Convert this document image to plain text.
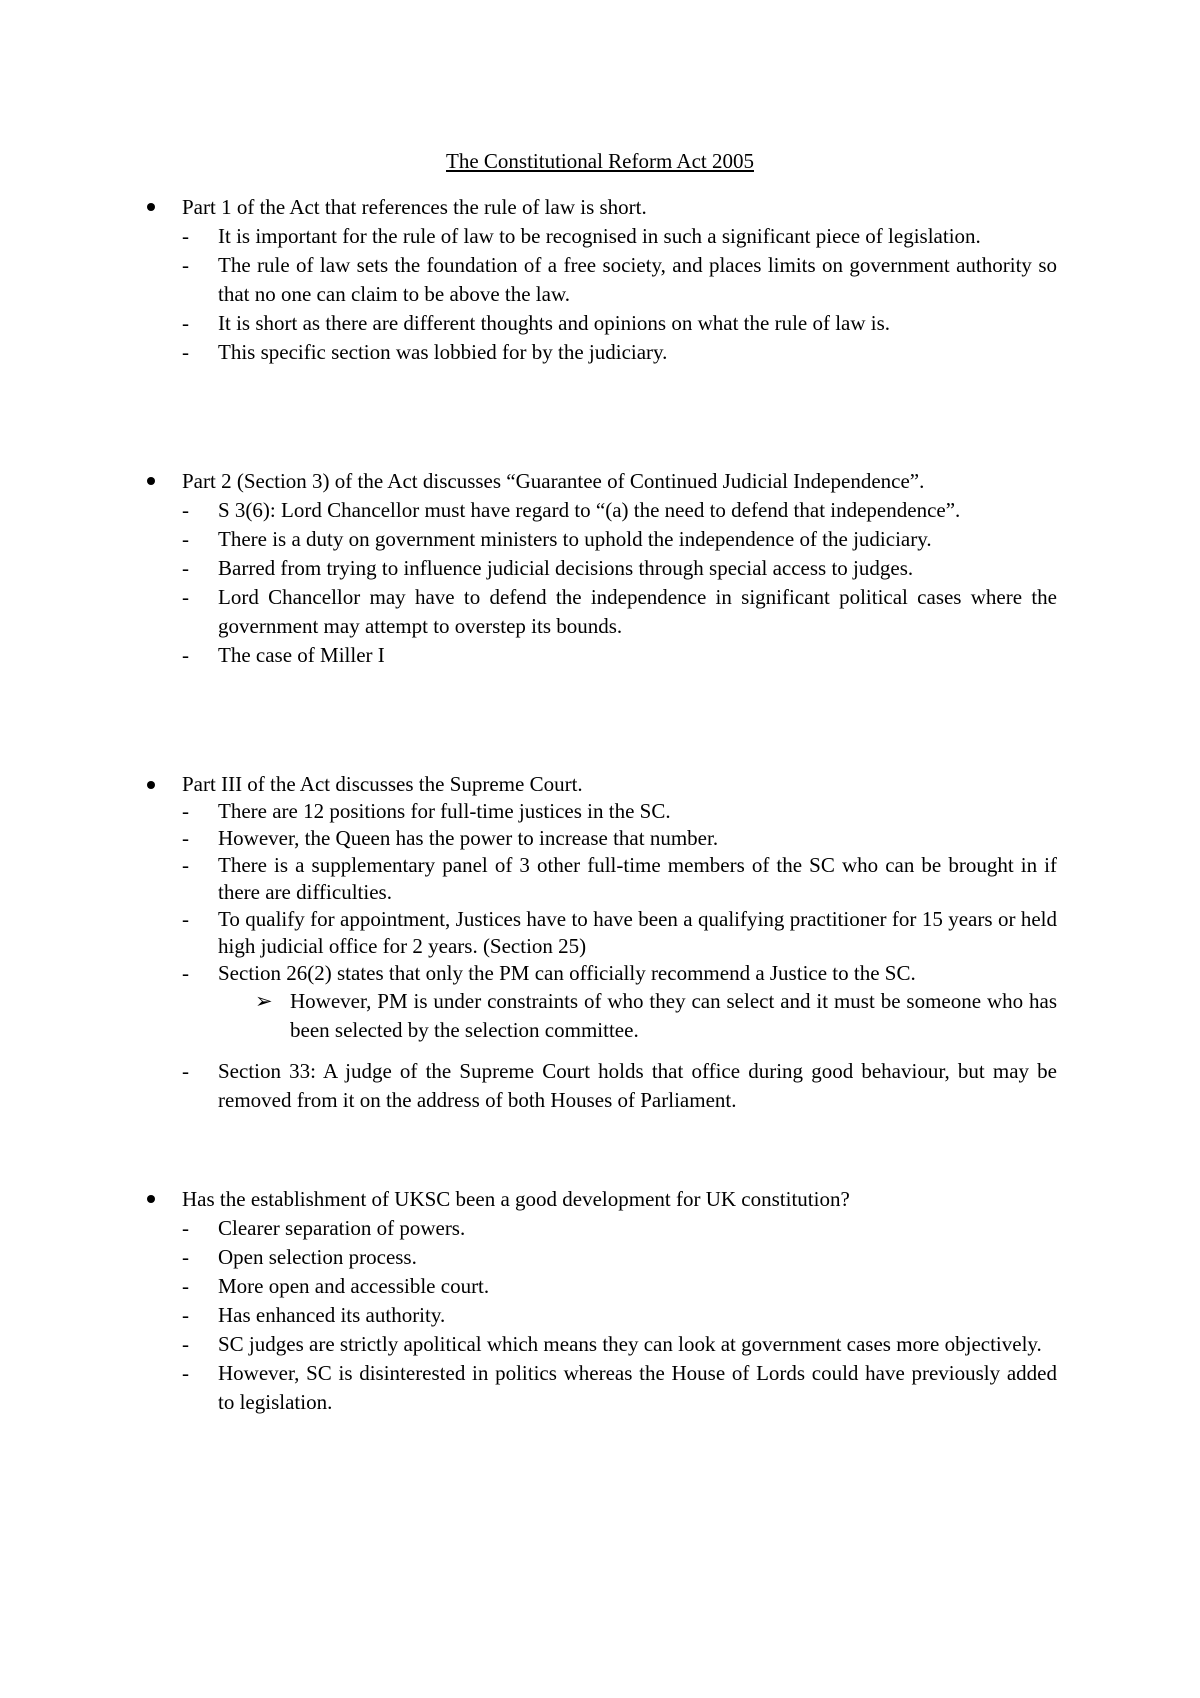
The Constitutional Reform Act 2005
Part 1 of the Act that references the rule of law is short.
- It is important for the rule of law to be recognised in such a significant piece of legislation.
- The rule of law sets the foundation of a free society, and places limits on government authority so that no one can claim to be above the law.
- It is short as there are different thoughts and opinions on what the rule of law is.
- This specific section was lobbied for by the judiciary.
Part 2 (Section 3) of the Act discusses “Guarantee of Continued Judicial Independence”.
- S 3(6): Lord Chancellor must have regard to “(a) the need to defend that independence”.
- There is a duty on government ministers to uphold the independence of the judiciary.
- Barred from trying to influence judicial decisions through special access to judges.
- Lord Chancellor may have to defend the independence in significant political cases where the government may attempt to overstep its bounds.
- The case of Miller I
Part III of the Act discusses the Supreme Court.
- There are 12 positions for full-time justices in the SC.
- However, the Queen has the power to increase that number.
- There is a supplementary panel of 3 other full-time members of the SC who can be brought in if there are difficulties.
- To qualify for appointment, Justices have to have been a qualifying practitioner for 15 years or held high judicial office for 2 years. (Section 25)
- Section 26(2) states that only the PM can officially recommend a Justice to the SC.
➢ However, PM is under constraints of who they can select and it must be someone who has been selected by the selection committee.
- Section 33: A judge of the Supreme Court holds that office during good behaviour, but may be removed from it on the address of both Houses of Parliament.
Has the establishment of UKSC been a good development for UK constitution?
- Clearer separation of powers.
- Open selection process.
- More open and accessible court.
- Has enhanced its authority.
- SC judges are strictly apolitical which means they can look at government cases more objectively.
- However, SC is disinterested in politics whereas the House of Lords could have previously added to legislation.
